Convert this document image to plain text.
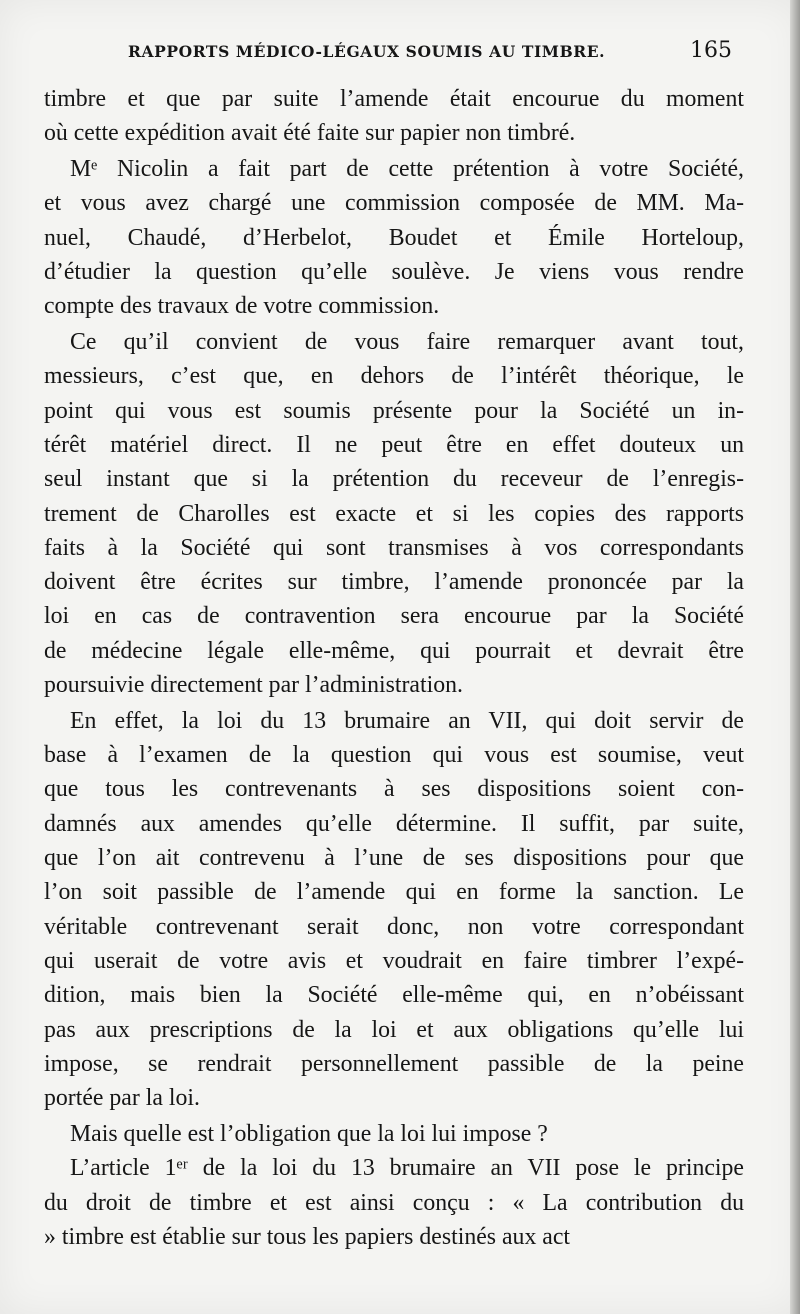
RAPPORTS MÉDICO-LÉGAUX SOUMIS AU TIMBRE.	165
timbre et que par suite l’amende était encourue du moment
où cette expédition avait été faite sur papier non timbré.
Mᵉ Nicolin a fait part de cette prétention à votre Société,
et vous avez chargé une commission composée de MM. Ma-
nuel, Chaudé, d’Herbelot, Boudet et Émile Horteloup,
d’étudier la question qu’elle soulève. Je viens vous rendre
compte des travaux de votre commission.
Ce qu’il convient de vous faire remarquer avant tout,
messieurs, c’est que, en dehors de l’intérêt théorique, le
point qui vous est soumis présente pour la Société un in-
térêt matériel direct. Il ne peut être en effet douteux un
seul instant que si la prétention du receveur de l’enregis-
trement de Charolles est exacte et si les copies des rapports
faits à la Société qui sont transmises à vos correspondants
doivent être écrites sur timbre, l’amende prononcée par la
loi en cas de contravention sera encourue par la Société
de médecine légale elle-même, qui pourrait et devrait être
poursuivie directement par l’administration.
En effet, la loi du 13 brumaire an VII, qui doit servir de
base à l’examen de la question qui vous est soumise, veut
que tous les contrevenants à ses dispositions soient con-
damnés aux amendes qu’elle détermine. Il suffit, par suite,
que l’on ait contrevenu à l’une de ses dispositions pour que
l’on soit passible de l’amende qui en forme la sanction. Le
véritable contrevenant serait donc, non votre correspondant
qui userait de votre avis et voudrait en faire timbrer l’expé-
dition, mais bien la Société elle-même qui, en n’obéissant
pas aux prescriptions de la loi et aux obligations qu’elle lui
impose, se rendrait personnellement passible de la peine
portée par la loi.
Mais quelle est l’obligation que la loi lui impose ?
L’article 1ᵉʳ de la loi du 13 brumaire an VII pose le principe
du droit de timbre et est ainsi conçu : « La contribution du
» timbre est établie sur tous les papiers destinés aux act
